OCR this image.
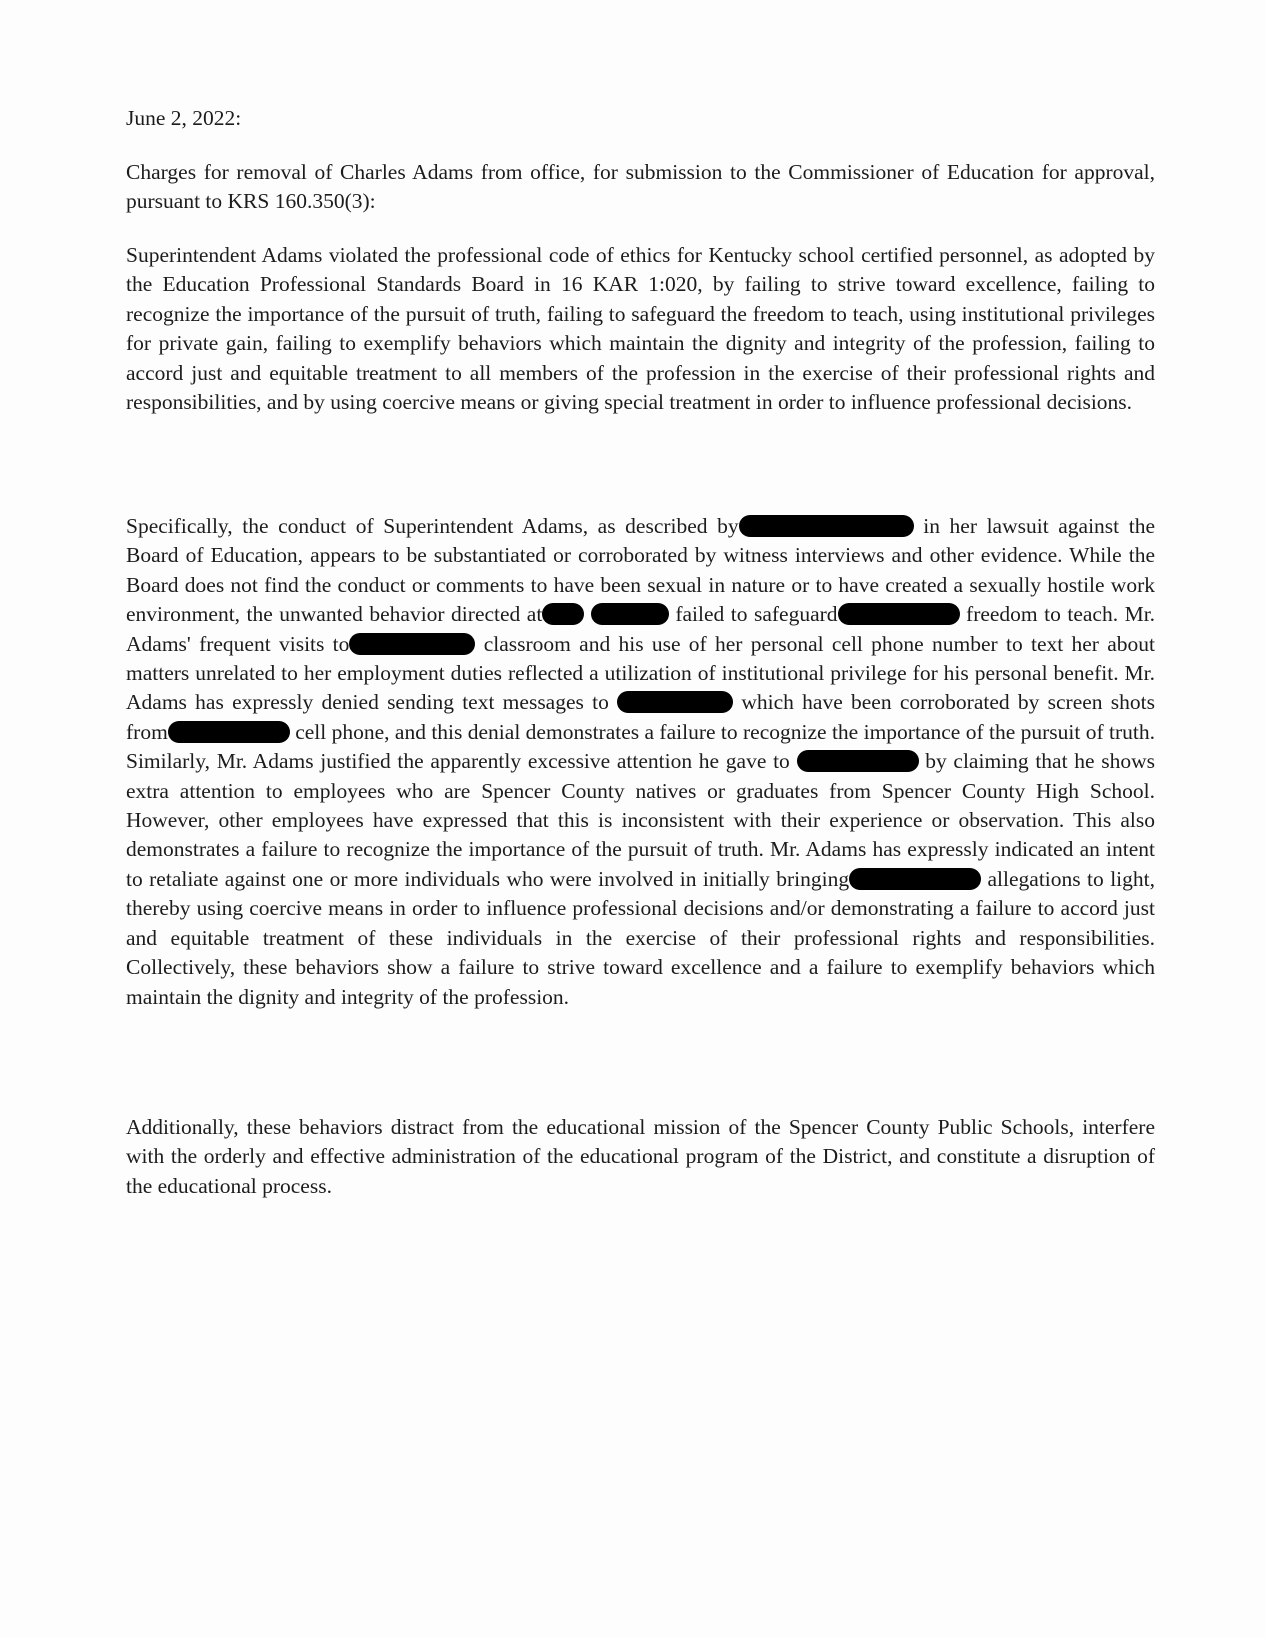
June 2, 2022:

Charges for removal of Charles Adams from office, for submission to the Commissioner of Education for approval, pursuant to KRS 160.350(3):

Superintendent Adams violated the professional code of ethics for Kentucky school certified personnel, as adopted by the Education Professional Standards Board in 16 KAR 1:020, by failing to strive toward excellence, failing to recognize the importance of the pursuit of truth, failing to safeguard the freedom to teach, using institutional privileges for private gain, failing to exemplify behaviors which maintain the dignity and integrity of the profession, failing to accord just and equitable treatment to all members of the profession in the exercise of their professional rights and responsibilities, and by using coercive means or giving special treatment in order to influence professional decisions.

Specifically, the conduct of Superintendent Adams, as described by	in her lawsuit against the Board of Education, appears to be substantiated or corroborated by witness interviews and other evidence. While the Board does not find the conduct or comments to have been sexual in nature or to have created a sexually hostile work environment, the unwanted behavior directed at	failed to safeguard	freedom to teach. Mr. Adams' frequent visits to	classroom and his use of her personal cell phone number to text her about matters unrelated to her employment duties reflected a utilization of institutional privilege for his personal benefit. Mr. Adams has expressly denied sending text messages to	which have been corroborated by screen shots from	cell phone, and this denial demonstrates a failure to recognize the importance of the pursuit of truth. Similarly, Mr. Adams justified the apparently excessive attention he gave to	by claiming that he shows extra attention to employees who are Spencer County natives or graduates from Spencer County High School. However, other employees have expressed that this is inconsistent with their experience or observation. This also demonstrates a failure to recognize the importance of the pursuit of truth. Mr. Adams has expressly indicated an intent to retaliate against one or more individuals who were involved in initially bringing	allegations to light, thereby using coercive means in order to influence professional decisions and/or demonstrating a failure to accord just and equitable treatment of these individuals in the exercise of their professional rights and responsibilities. Collectively, these behaviors show a failure to strive toward excellence and a failure to exemplify behaviors which maintain the dignity and integrity of the profession.

Additionally, these behaviors distract from the educational mission of the Spencer County Public Schools, interfere with the orderly and effective administration of the educational program of the District, and constitute a disruption of the educational process.
